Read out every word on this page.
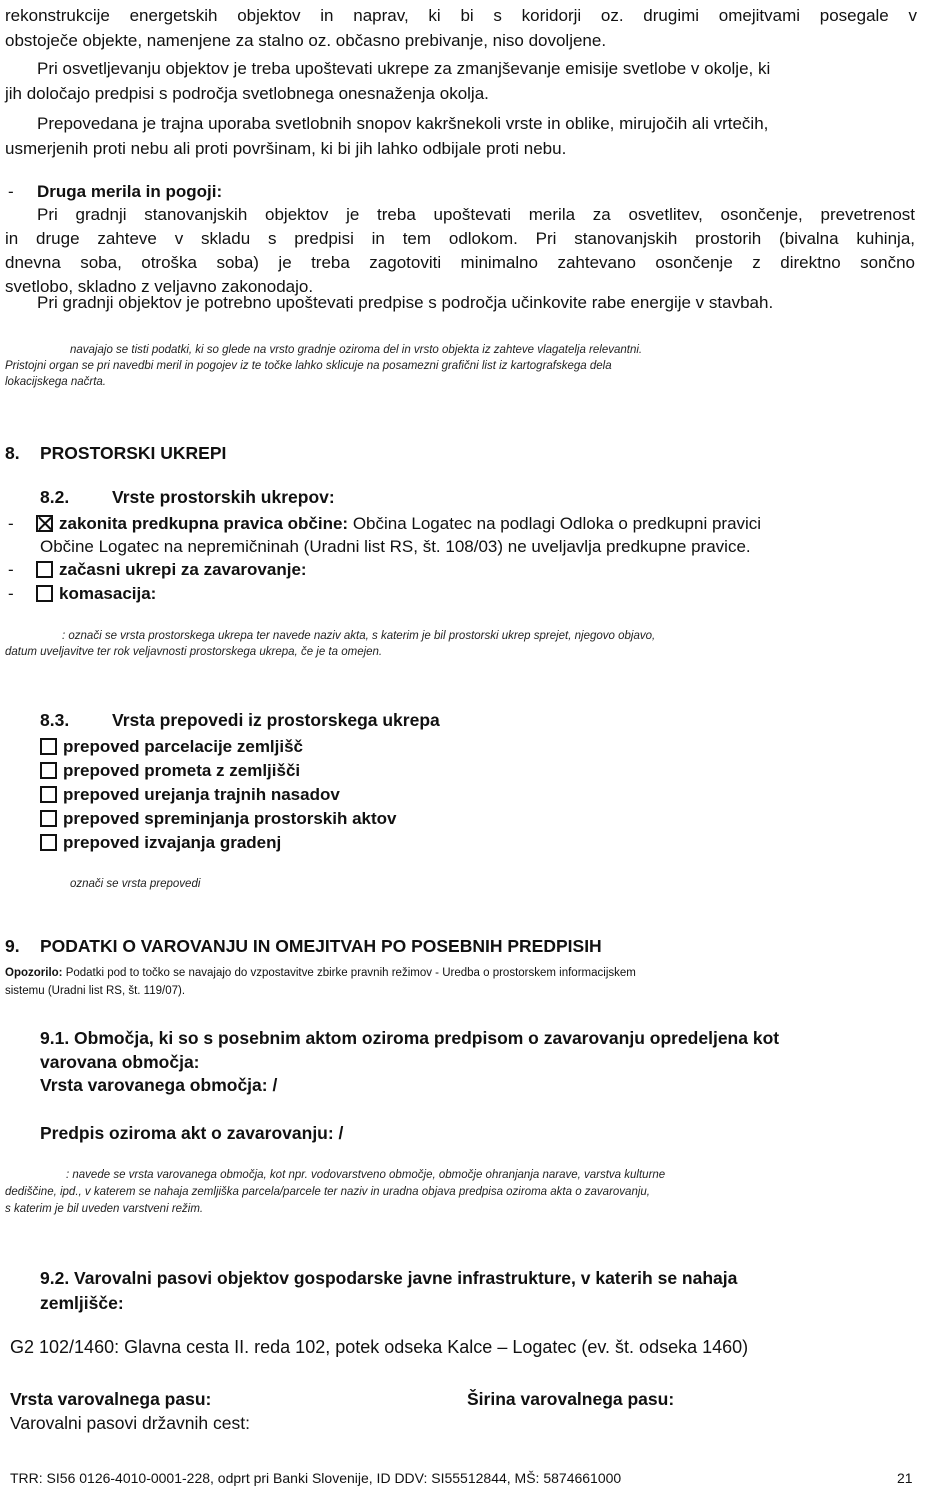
rekonstrukcije energetskih objektov in naprav, ki bi s koridorji oz. drugimi omejitvami posegale v
obstoječe objekte, namenjene za stalno oz. občasno prebivanje, niso dovoljene.
Pri osvetljevanju objektov je treba upoštevati ukrepe za zmanjševanje emisije svetlobe v okolje, ki
jih določajo predpisi s področja svetlobnega onesnaženja okolja.
Prepovedana je trajna uporaba svetlobnih snopov kakršnekoli vrste in oblike, mirujočih ali vrtečih,
usmerjenih proti nebu ali proti površinam, ki bi jih lahko odbijale proti nebu.
- Druga merila in pogoji:
Pri gradnji stanovanjskih objektov je treba upoštevati merila za osvetlitev, osončenje, prevetrenost
in druge zahteve v skladu s predpisi in tem odlokom. Pri stanovanjskih prostorih (bivalna kuhinja,
dnevna soba, otroška soba) je treba zagotoviti minimalno zahtevano osončenje z direktno sončno
svetlobo, skladno z veljavno zakonodajo.
Pri gradnji objektov je potrebno upoštevati predpise s področja učinkovite rabe energije v stavbah.
navajajo se tisti podatki, ki so glede na vrsto gradnje oziroma del in vrsto objekta iz zahteve vlagatelja relevantni.
Pristojni organ se pri navedbi meril in pogojev iz te točke lahko sklicuje na posamezni grafični list iz kartografskega dela
lokacijskega načrta.
8. PROSTORSKI UKREPI
8.2. Vrste prostorskih ukrepov:
-	zakonita predkupna pravica občine: Občina Logatec na podlagi Odloka o predkupni pravici
Občine Logatec na nepremičninah (Uradni list RS, št. 108/03) ne uveljavlja predkupne pravice.
-	začasni ukrepi za zavarovanje:
-	komasacija:
: označi se vrsta prostorskega ukrepa ter navede naziv akta, s katerim je bil prostorski ukrep sprejet, njegovo objavo,
datum uveljavitve ter rok veljavnosti prostorskega ukrepa, če je ta omejen.
8.3. Vrsta prepovedi iz prostorskega ukrepa
prepoved parcelacije zemljišč
prepoved prometa z zemljišči
prepoved urejanja trajnih nasadov
prepoved spreminjanja prostorskih aktov
prepoved izvajanja gradenj
označi se vrsta prepovedi
9. PODATKI O VAROVANJU IN OMEJITVAH PO POSEBNIH PREDPISIH
Opozorilo: Podatki pod to točko se navajajo do vzpostavitve zbirke pravnih režimov - Uredba o prostorskem informacijskem
sistemu (Uradni list RS, št. 119/07).
9.1. Območja, ki so s posebnim aktom oziroma predpisom o zavarovanju opredeljena kot
varovana območja:
Vrsta varovanega območja: /
Predpis oziroma akt o zavarovanju: /
: navede se vrsta varovanega območja, kot npr. vodovarstveno območje, območje ohranjanja narave, varstva kulturne
dediščine, ipd., v katerem se nahaja zemljiška parcela/parcele ter naziv in uradna objava predpisa oziroma akta o zavarovanju,
s katerim je bil uveden varstveni režim.
9.2. Varovalni pasovi objektov gospodarske javne infrastrukture, v katerih se nahaja
zemljišče:
G2 102/1460: Glavna cesta II. reda 102, potek odseka Kalce – Logatec (ev. št. odseka 1460)
Vrsta varovalnega pasu:	Širina varovalnega pasu:
Varovalni pasovi državnih cest:
TRR: SI56 0126-4010-0001-228, odprt pri Banki Slovenije, ID DDV: SI55512844, MŠ: 5874661000	21
